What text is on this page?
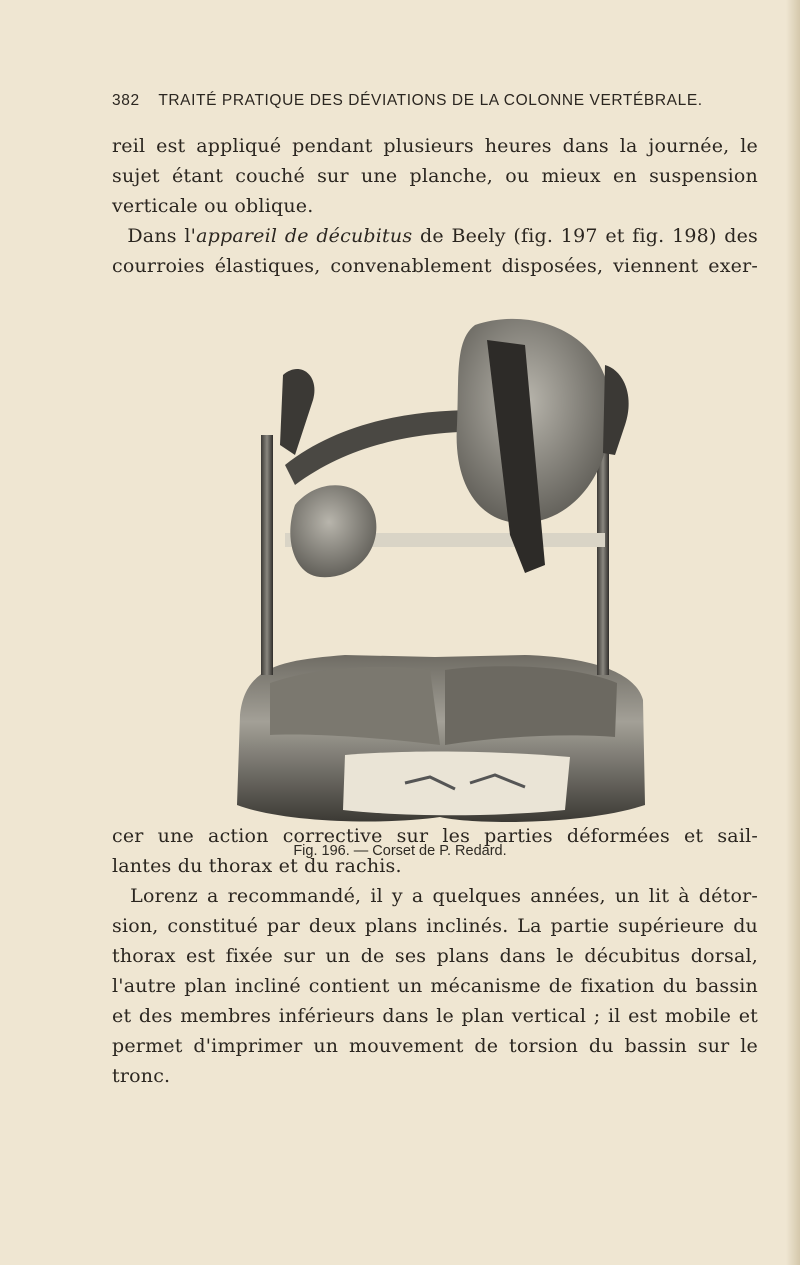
382 TRAITÉ PRATIQUE DES DÉVIATIONS DE LA COLONNE VERTÉBRALE.
reil est appliqué pendant plusieurs heures dans la journée, le
sujet étant couché sur une planche, ou mieux en suspension
verticale ou oblique.
Dans l'appareil de décubitus de Beely (fig. 197 et fig. 198) des
courroies élastiques, convenablement disposées, viennent exer-
Fig. 196. — Corset de P. Redard.
cer une action corrective sur les parties déformées et sail-
lantes du thorax et du rachis.
Lorenz a recommandé, il y a quelques années, un lit à détor-
sion, constitué par deux plans inclinés. La partie supérieure du
thorax est fixée sur un de ses plans dans le décubitus dorsal,
l'autre plan incliné contient un mécanisme de fixation du bassin
et des membres inférieurs dans le plan vertical ; il est mobile et
permet d'imprimer un mouvement de torsion du bassin sur le
tronc.
